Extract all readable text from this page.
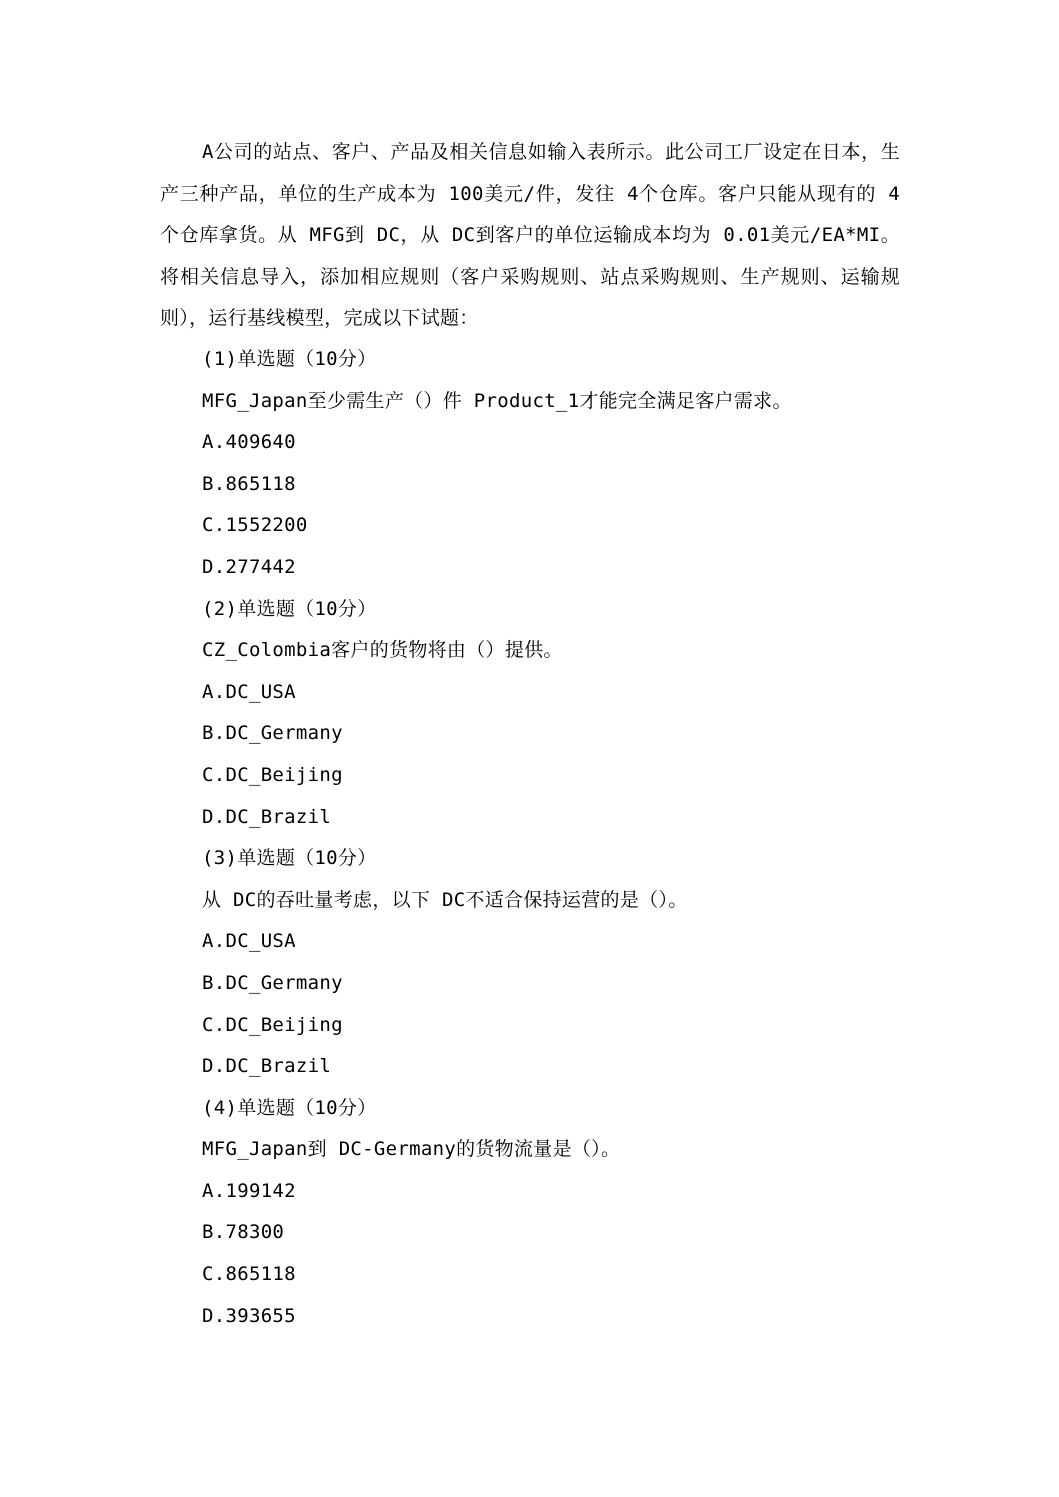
A公司的站点、客户、产品及相关信息如输入表所示。此公司工厂设定在日本，生产三种产品，单位的生产成本为 100美元/件，发往 4个仓库。客户只能从现有的 4个仓库拿货。从 MFG到 DC，从 DC到客户的单位运输成本均为 0.01美元/EA*MI。将相关信息导入，添加相应规则（客户采购规则、站点采购规则、生产规则、运输规则），运行基线模型，完成以下试题：

(1)单选题（10分）
MFG_Japan至少需生产（）件 Product_1才能完全满足客户需求。
A.409640
B.865118
C.1552200
D.277442
(2)单选题（10分）
CZ_Colombia客户的货物将由（）提供。
A.DC_USA
B.DC_Germany
C.DC_Beijing
D.DC_Brazil
(3)单选题（10分）
从 DC的吞吐量考虑，以下 DC不适合保持运营的是（）。
A.DC_USA
B.DC_Germany
C.DC_Beijing
D.DC_Brazil
(4)单选题（10分）
MFG_Japan到 DC-Germany的货物流量是（）。
A.199142
B.78300
C.865118
D.393655
